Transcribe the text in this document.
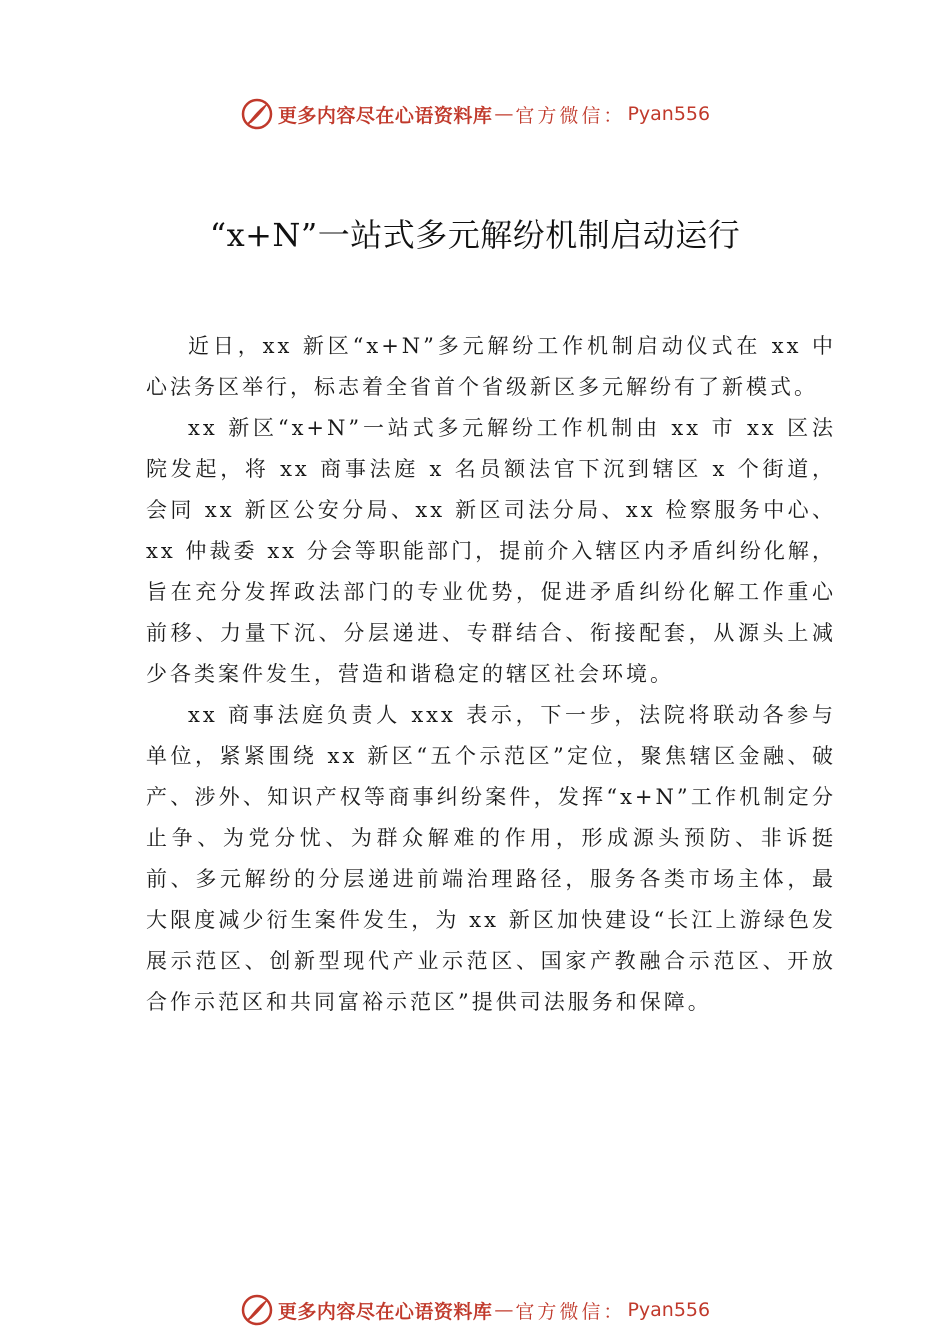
更多内容尽在心语资料库 — 官方微信： Pyan556
“x+N”一站式多元解纷机制启动运行

近日，xx 新区“x+N”多元解纷工作机制启动仪式在 xx 中心法务区举行，标志着全省首个省级新区多元解纷有了新模式。

xx 新区“x+N”一站式多元解纷工作机制由 xx 市 xx 区法院发起，将 xx 商事法庭 x 名员额法官下沉到辖区 x 个街道，会同 xx 新区公安分局、xx 新区司法分局、xx 检察服务中心、xx 仲裁委 xx 分会等职能部门，提前介入辖区内矛盾纠纷化解，旨在充分发挥政法部门的专业优势，促进矛盾纠纷化解工作重心前移、力量下沉、分层递进、专群结合、衔接配套，从源头上减少各类案件发生，营造和谐稳定的辖区社会环境。

xx 商事法庭负责人 xxx 表示，下一步，法院将联动各参与单位，紧紧围绕 xx 新区“五个示范区”定位，聚焦辖区金融、破产、涉外、知识产权等商事纠纷案件，发挥“x+N”工作机制定分止争、为党分忧、为群众解难的作用，形成源头预防、非诉挺前、多元解纷的分层递进前端治理路径，服务各类市场主体，最大限度减少衍生案件发生，为 xx 新区加快建设“长江上游绿色发展示范区、创新型现代产业示范区、国家产教融合示范区、开放合作示范区和共同富裕示范区”提供司法服务和保障。

更多内容尽在心语资料库 — 官方微信： Pyan556
